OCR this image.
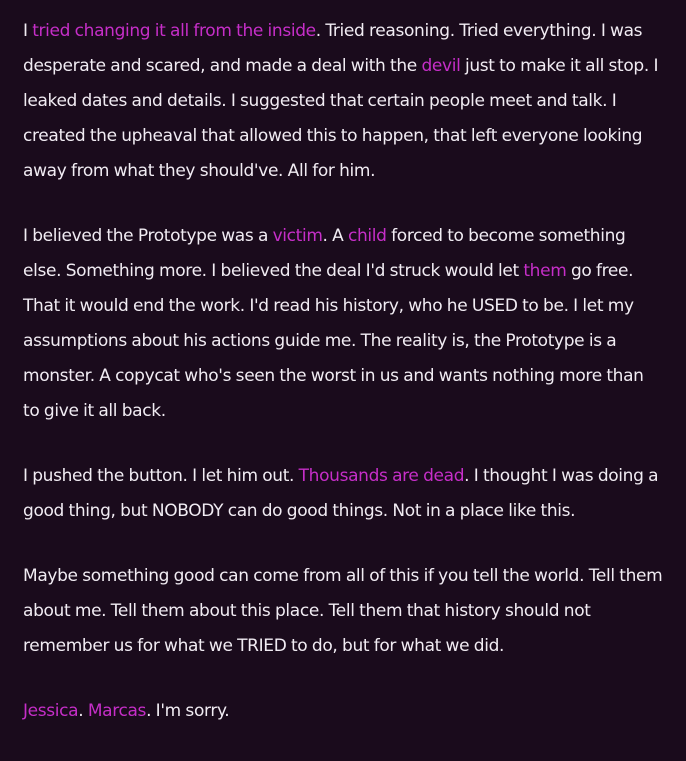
I tried changing it all from the inside. Tried reasoning. Tried everything. I was desperate and scared, and made a deal with the devil just to make it all stop. I leaked dates and details. I suggested that certain people meet and talk. I created the upheaval that allowed this to happen, that left everyone looking away from what they should've. All for him.

I believed the Prototype was a victim. A child forced to become something else. Something more. I believed the deal I'd struck would let them go free. That it would end the work. I'd read his history, who he USED to be. I let my assumptions about his actions guide me. The reality is, the Prototype is a monster. A copycat who's seen the worst in us and wants nothing more than to give it all back.

I pushed the button. I let him out. Thousands are dead. I thought I was doing a good thing, but NOBODY can do good things. Not in a place like this.

Maybe something good can come from all of this if you tell the world. Tell them about me. Tell them about this place. Tell them that history should not remember us for what we TRIED to do, but for what we did.

Jessica. Marcas. I'm sorry.
